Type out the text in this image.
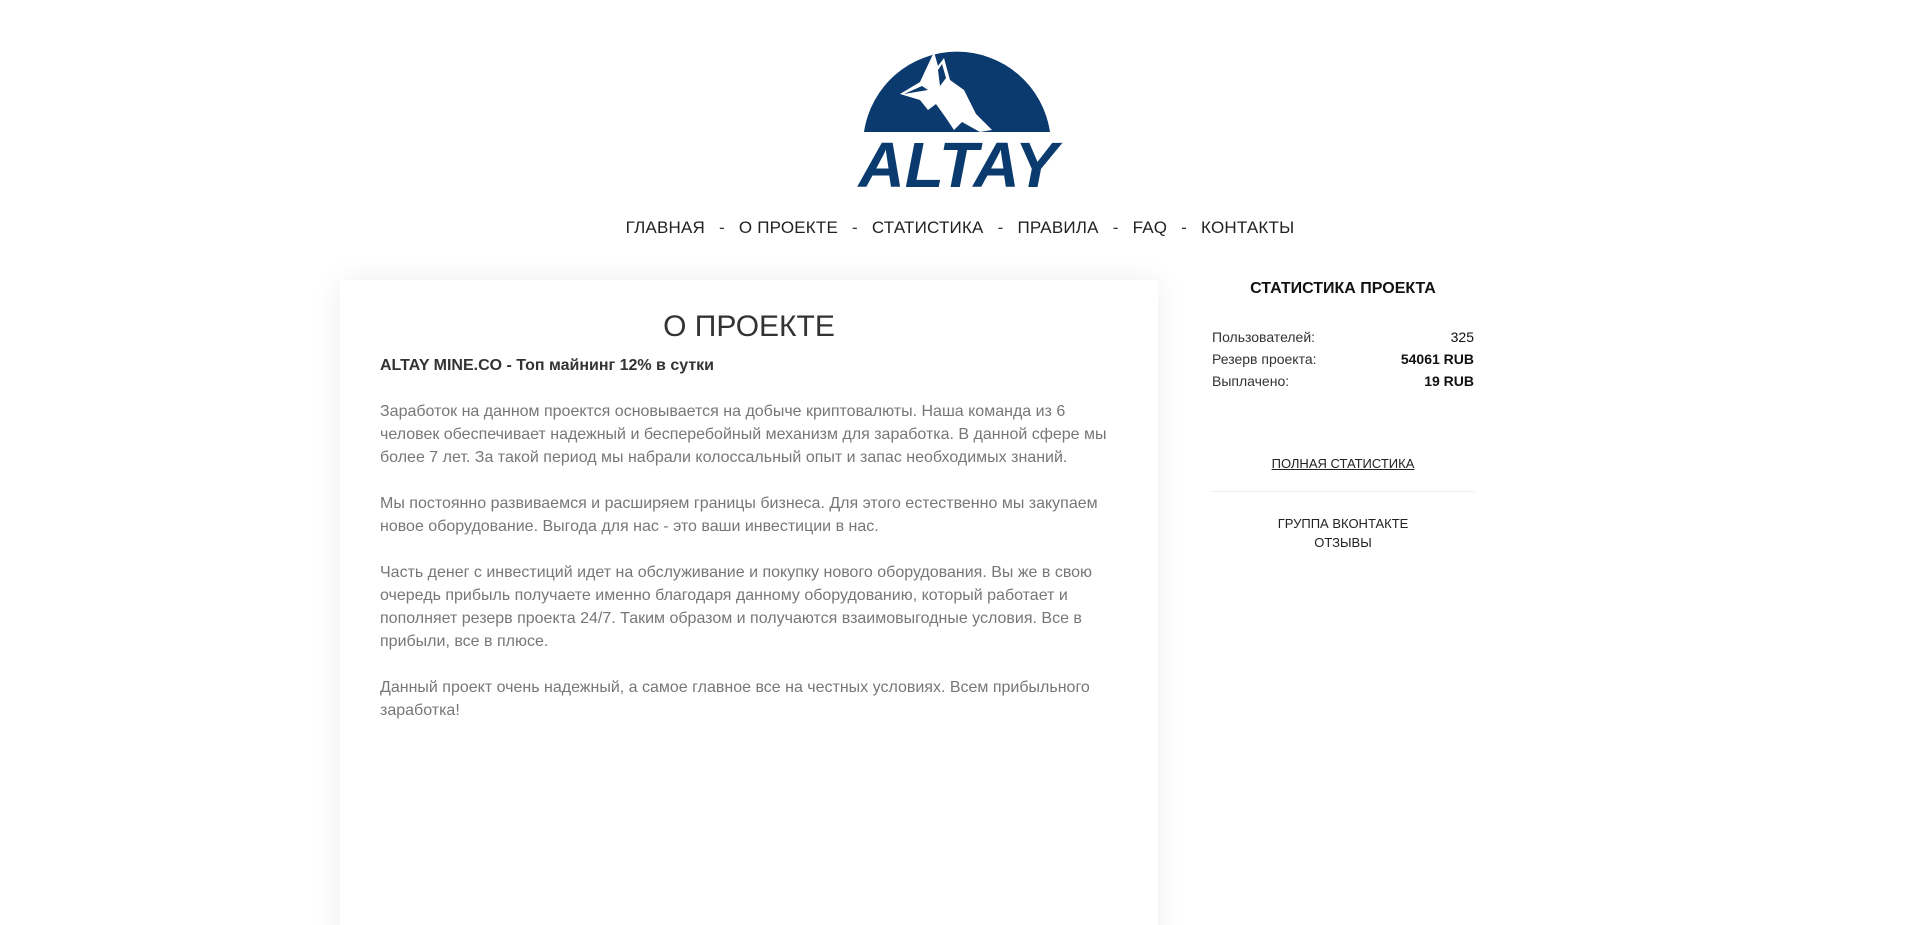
ALTAY
ГЛАВНАЯ - О ПРОЕКТЕ - СТАТИСТИКА - ПРАВИЛА - FAQ - КОНТАКТЫ
О ПРОЕКТЕ

ALTAY MINE.CO - Топ майнинг 12% в сутки

Заработок на данном проектся основывается на добыче криптовалюты. Наша команда из 6 человек обеспечивает надежный и бесперебойный механизм для заработка. В данной сфере мы более 7 лет. За такой период мы набрали колоссальный опыт и запас необходимых знаний.

Мы постоянно развиваемся и расширяем границы бизнеса. Для этого естественно мы закупаем новое оборудование. Выгода для нас - это ваши инвестиции в нас.

Часть денег с инвестиций идет на обслуживание и покупку нового оборудования. Вы же в свою очередь прибыль получаете именно благодаря данному оборудованию, который работает и пополняет резерв проекта 24/7. Таким образом и получаются взаимовыгодные условия. Все в прибыли, все в плюсе.

Данный проект очень надежный, а самое главное все на честных условиях. Всем прибыльного заработка!

СТАТИСТИКА ПРОЕКТА
Пользователей:	325
Резерв проекта:	54061 RUB
Выплачено:	19 RUB
ПОЛНАЯ СТАТИСТИКА
ГРУППА ВКОНТАКТЕ
ОТЗЫВЫ
